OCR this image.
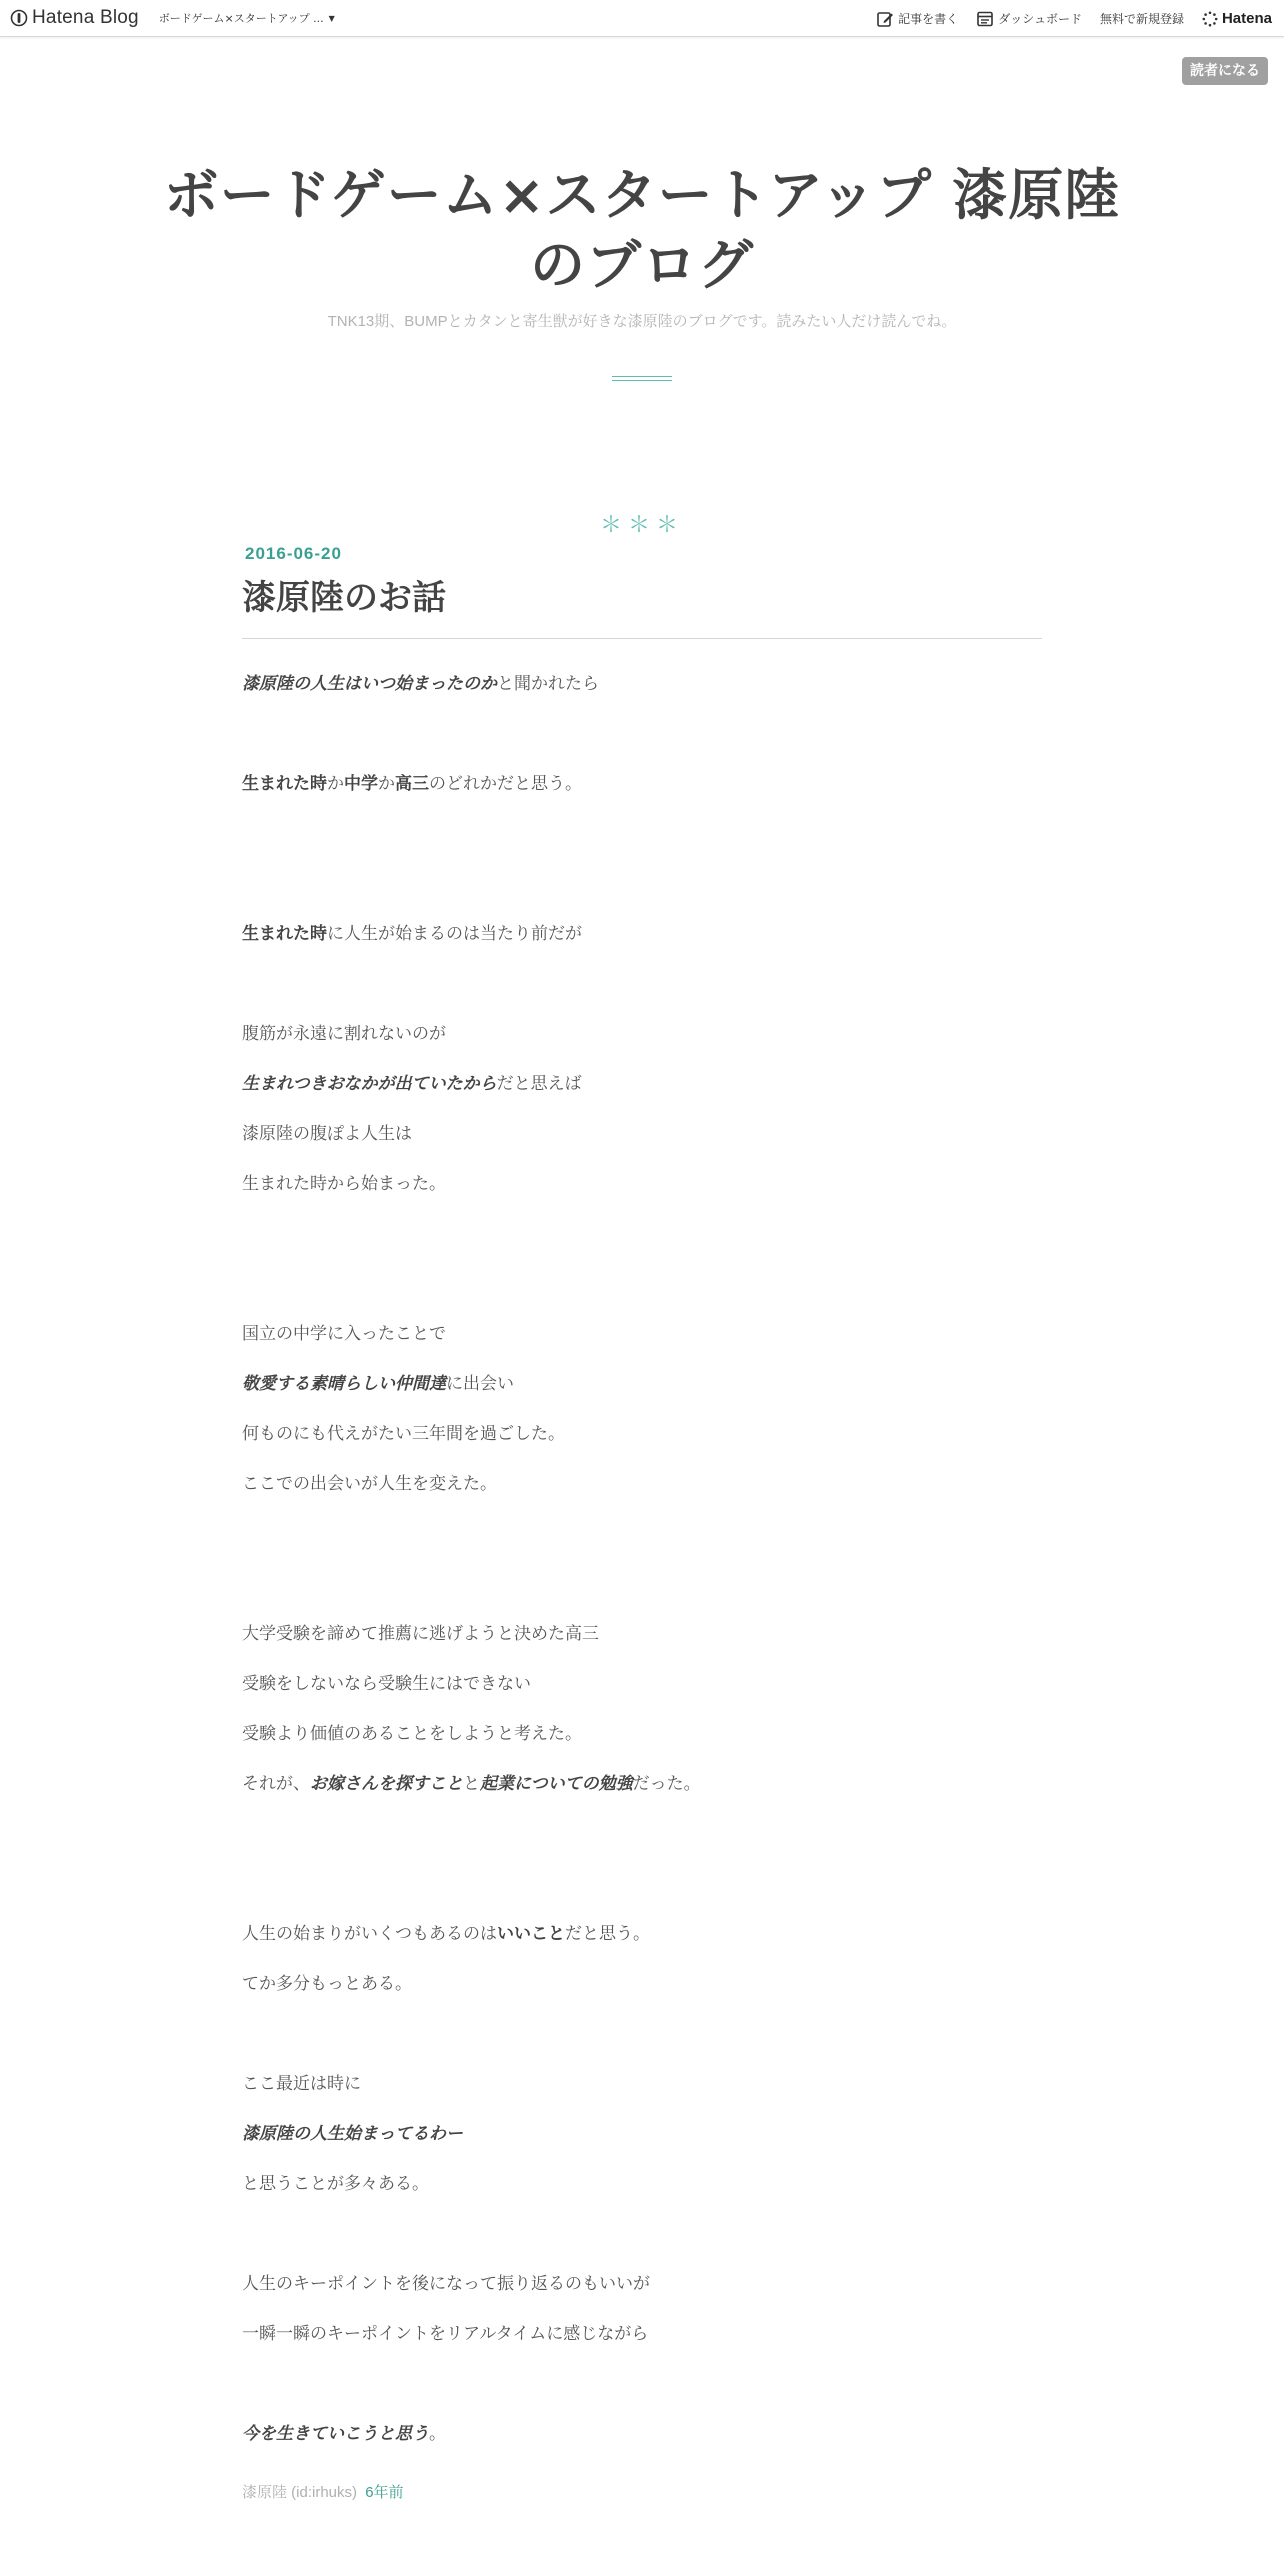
Hatena Blog ボードゲーム×スタートアップ ... ▼	記事を書く	ダッシュボード 無料で新規登録	Hatena
読者になる
ボードゲーム×スタートアップ 漆原陸のブログ
TNK13期、BUMPとカタンと寄生獣が好きな漆原陸のブログです。読みたい人だけ読んでね。
＊＊＊
2016-06-20
漆原陸のお話

漆原陸の人生はいつ始まったのかと聞かれたら

生まれた時か中学か高三のどれかだと思う。

生まれた時に人生が始まるのは当たり前だが

腹筋が永遠に割れないのが

生まれつきおなかが出ていたからだと思えば

漆原陸の腹ぽよ人生は

生まれた時から始まった。

国立の中学に入ったことで

敬愛する素晴らしい仲間達に出会い

何ものにも代えがたい三年間を過ごした。

ここでの出会いが人生を変えた。

大学受験を諦めて推薦に逃げようと決めた高三

受験をしないなら受験生にはできない

受験より価値のあることをしようと考えた。

それが、お嫁さんを探すことと起業についての勉強だった。

人生の始まりがいくつもあるのはいいことだと思う。

てか多分もっとある。

ここ最近は時に

漆原陸の人生始まってるわー

と思うことが多々ある。

人生のキーポイントを後になって振り返るのもいいが

一瞬一瞬のキーポイントをリアルタイムに感じながら

今を生きていこうと思う。

漆原陸 (id:irhuks) 6年前
